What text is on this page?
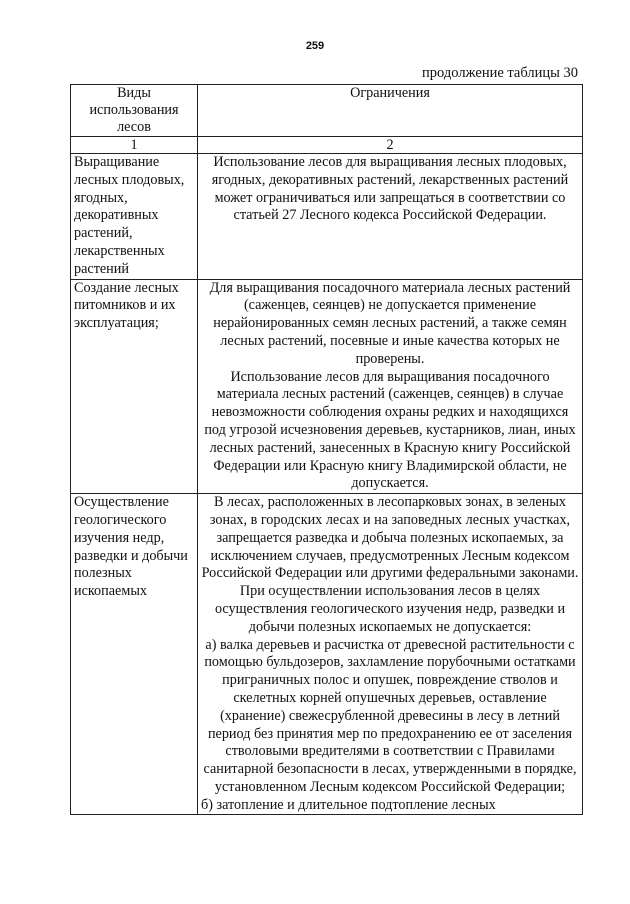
259
продолжение таблицы 30
Виды использования лесов	Ограничения
1	2
Выращивание лесных плодовых, ягодных, декоративных растений, лекарственных растений	Использование лесов для выращивания лесных плодовых, ягодных, декоративных растений, лекарственных растений может ограничиваться или запрещаться в соответствии со статьей 27 Лесного кодекса Российской Федерации.

Создание лесных питомников и их эксплуатация;	Для выращивания посадочного материала лесных растений (саженцев, сеянцев) не допускается применение нерайонированных семян лесных растений, а также семян лесных растений, посевные и иные качества которых не проверены.

Использование лесов для выращивания посадочного материала лесных растений (саженцев, сеянцев) в случае невозможности соблюдения охраны редких и находящихся под угрозой исчезновения деревьев, кустарников, лиан, иных лесных растений, занесенных в Красную книгу Российской Федерации или Красную книгу Владимирской области, не допускается.

Осуществление геологического изучения недр, разведки и добычи полезных ископаемых	В лесах, расположенных в лесопарковых зонах, в зеленых зонах, в городских лесах и на заповедных лесных участках, запрещается разведка и добыча полезных ископаемых, за исключением случаев, предусмотренных Лесным кодексом Российской Федерации или другими федеральными законами.

При осуществлении использования лесов в целях осуществления геологического изучения недр, разведки и добычи полезных ископаемых не допускается:

а) валка деревьев и расчистка от древесной растительности с помощью бульдозеров, захламление порубочными остатками приграничных полос и опушек, повреждение стволов и скелетных корней опушечных деревьев, оставление (хранение) свежесрубленной древесины в лесу в летний период без принятия мер по предохранению ее от заселения стволовыми вредителями в соответствии с Правилами санитарной безопасности в лесах, утвержденными в порядке, установленном Лесным кодексом Российской Федерации;

б) затопление и длительное подтопление лесных
